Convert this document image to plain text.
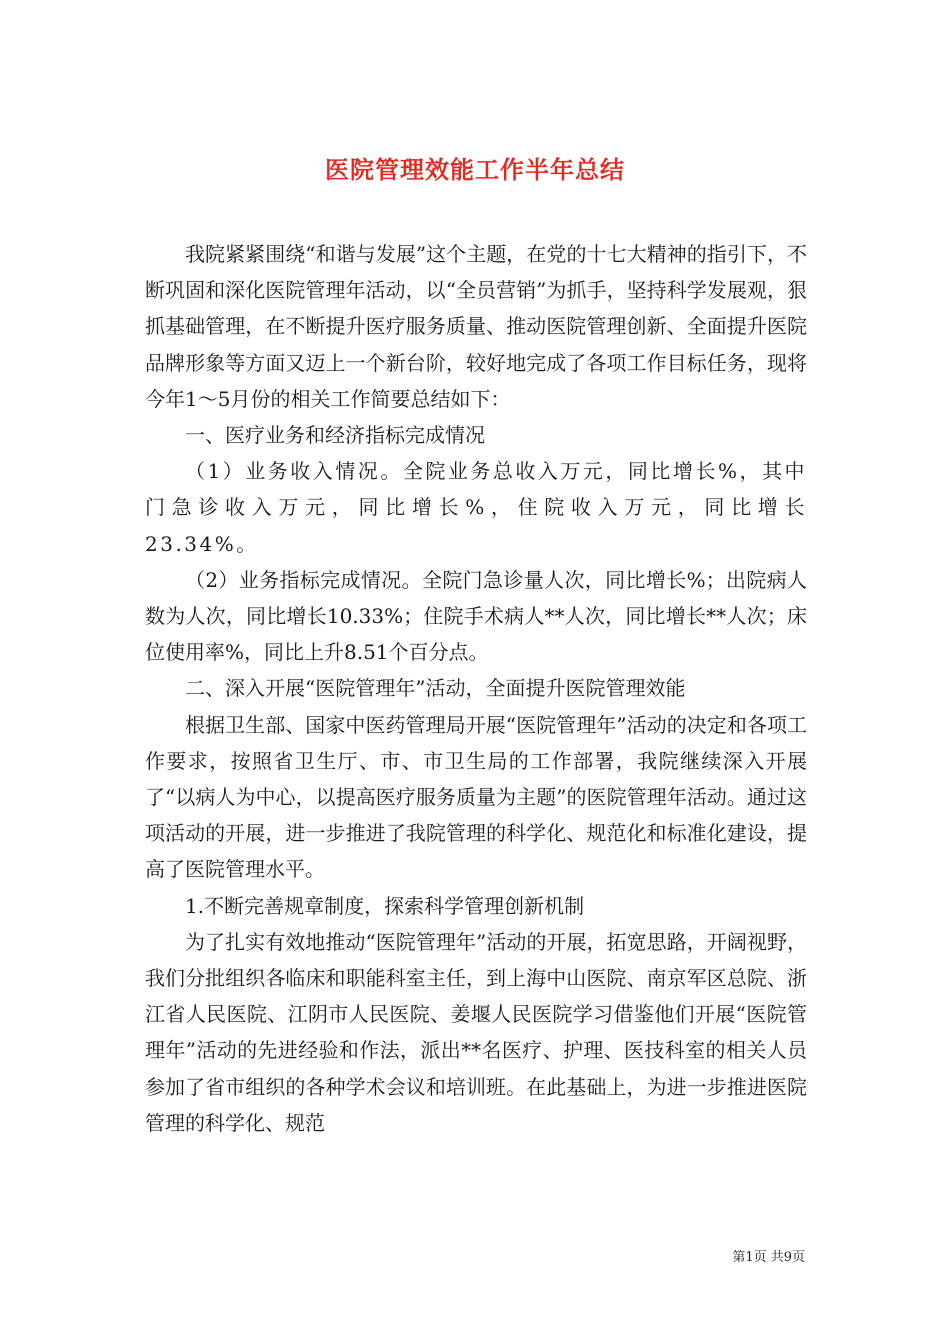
医院管理效能工作半年总结

我院紧紧围绕“和谐与发展”这个主题，在党的十七大精神的指引下，不断巩固和深化医院管理年活动，以“全员营销”为抓手，坚持科学发展观，狠抓基础管理，在不断提升医疗服务质量、推动医院管理创新、全面提升医院品牌形象等方面又迈上一个新台阶，较好地完成了各项工作目标任务，现将今年1～5月份的相关工作简要总结如下：

一、医疗业务和经济指标完成情况

（1）业务收入情况。全院业务总收入万元，同比增长%，其中门急诊收入万元，同比增长%，住院收入万元，同比增长23.34%。

（2）业务指标完成情况。全院门急诊量人次，同比增长%；出院病人数为人次，同比增长10.33%；住院手术病人**人次，同比增长**人次；床位使用率%，同比上升8.51个百分点。

二、深入开展“医院管理年”活动，全面提升医院管理效能

根据卫生部、国家中医药管理局开展“医院管理年”活动的决定和各项工作要求，按照省卫生厅、市、市卫生局的工作部署，我院继续深入开展了“以病人为中心，以提高医疗服务质量为主题”的医院管理年活动。通过这项活动的开展，进一步推进了我院管理的科学化、规范化和标准化建设，提高了医院管理水平。

1.不断完善规章制度，探索科学管理创新机制

为了扎实有效地推动“医院管理年”活动的开展，拓宽思路，开阔视野，我们分批组织各临床和职能科室主任，到上海中山医院、南京军区总院、浙江省人民医院、江阴市人民医院、姜堰人民医院学习借鉴他们开展“医院管理年”活动的先进经验和作法，派出**名医疗、护理、医技科室的相关人员参加了省市组织的各种学术会议和培训班。在此基础上，为进一步推进医院管理的科学化、规范

第1页 共9页
